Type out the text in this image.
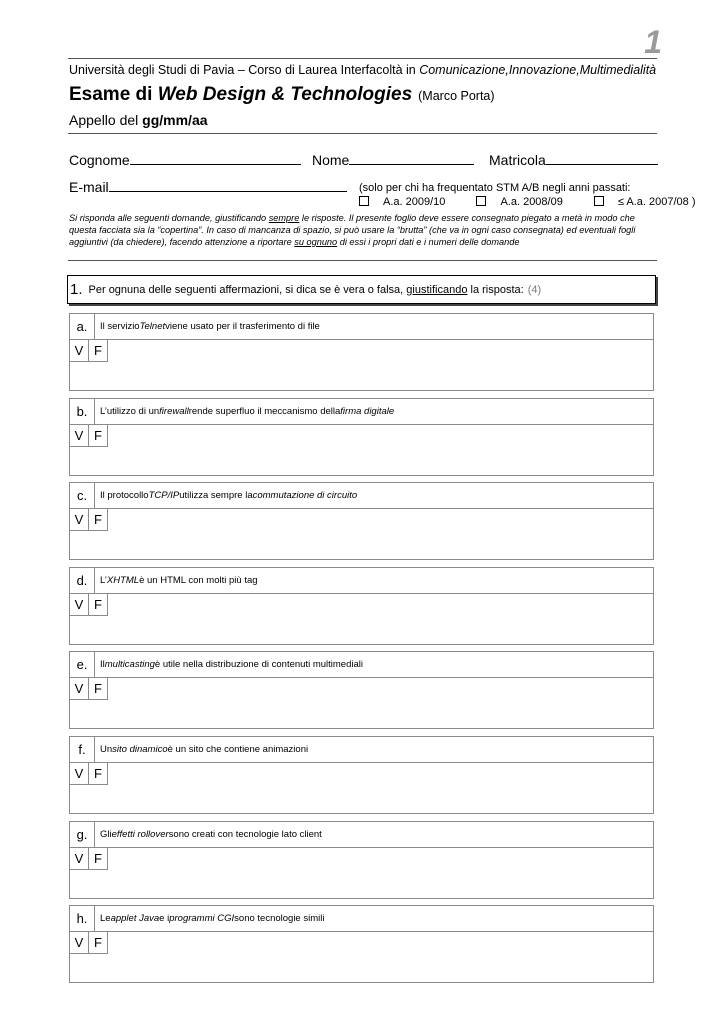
1
Università degli Studi di Pavia – Corso di Laurea Interfacoltà in Comunicazione,Innovazione,Multimedialità
Esame di Web Design & Technologies (Marco Porta)
Appello del gg/mm/aa
Cognome	Nome	Matricola
E-mail	(solo per chi ha frequentato STM A/B negli anni passati:
A.a. 2009/10	A.a. 2008/09	≤ A.a. 2007/08 )
Si risponda alle seguenti domande, giustificando sempre le risposte. Il presente foglio deve essere consegnato piegato a metà in modo che questa facciata sia la “copertina”. In caso di mancanza di spazio, si può usare la “brutta” (che va in ogni caso consegnata) ed eventuali fogli aggiuntivi (da chiedere), facendo attenzione a riportare su ognuno di essi i propri dati e i numeri delle domande
1. Per ognuna delle seguenti affermazioni, si dica se è vera o falsa, giustificando la risposta: (4)
a.	Il servizio Telnet viene usato per il trasferimento di file
V F
b.	L’utilizzo di un firewall rende superfluo il meccanismo della firma digitale
V F
c.	Il protocollo TCP/IP utilizza sempre la commutazione di circuito
V F
d.	L’ XHTML è un HTML con molti più tag
V F
e.	Il multicasting è utile nella distribuzione di contenuti multimediali
V F
f.	Un sito dinamico è un sito che contiene animazioni
V F
g.	Gli effetti rollover sono creati con tecnologie lato client
V F
h.	Le applet Java e i programmi CGI sono tecnologie simili
V F
